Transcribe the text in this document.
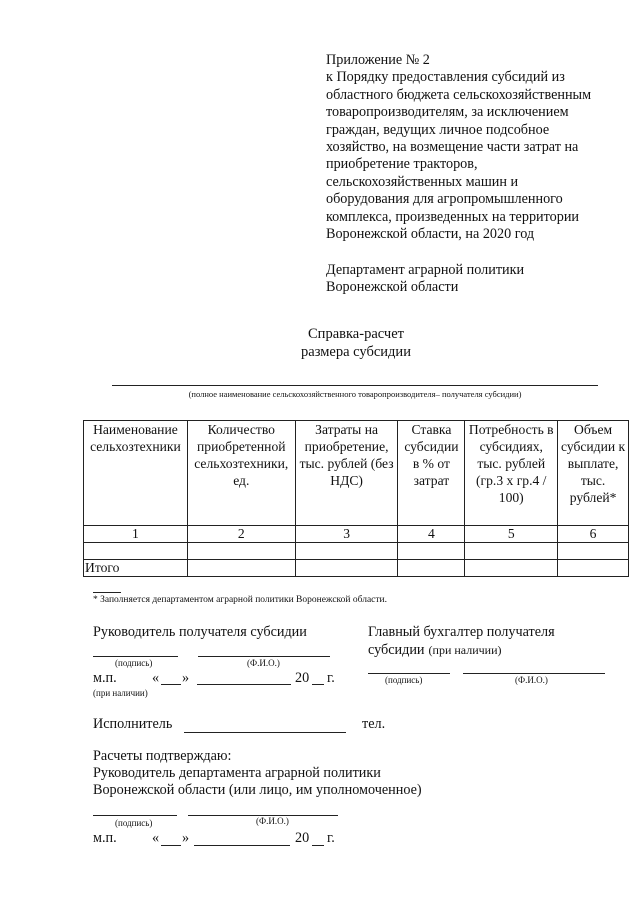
Приложение № 2
к Порядку предоставления субсидий из
областного бюджета сельскохозяйственным
товаропроизводителям, за исключением
граждан, ведущих личное подсобное
хозяйство, на возмещение части затрат на
приобретение тракторов,
сельскохозяйственных машин и
оборудования для агропромышленного
комплекса, произведенных на территории
Воронежской области, на 2020 год
Департамент аграрной политики
Воронежской области
Справка-расчет
размера субсидии
(полное наименование сельскохозяйственного товаропроизводителя– получателя субсидии)
Наименование сельхозтехники	Количество приобретенной сельхозтехники, ед.	Затраты на приобретение, тыс. рублей (без НДС)	Ставка субсидии в % от затрат	Потребность в субсидиях, тыс. рублей (гр.3 х гр.4 / 100)	Объем субсидии к выплате, тыс. рублей*
1	2	3	4	5	6

Итого					
* Заполняется департаментом аграрной политики Воронежской области.
Руководитель получателя субсидии
(подпись)	(Ф.И.О.)
м.п. « »	20 г.
(при наличии)
Главный бухгалтер получателя
субсидии (при наличии)
(подпись)	(Ф.И.О.)
Исполнитель	тел.
Расчеты подтверждаю:
Руководитель департамента аграрной политики
Воронежской области (или лицо, им уполномоченное)
(подпись)	(Ф.И.О.)
м.п. « »	20 г.
